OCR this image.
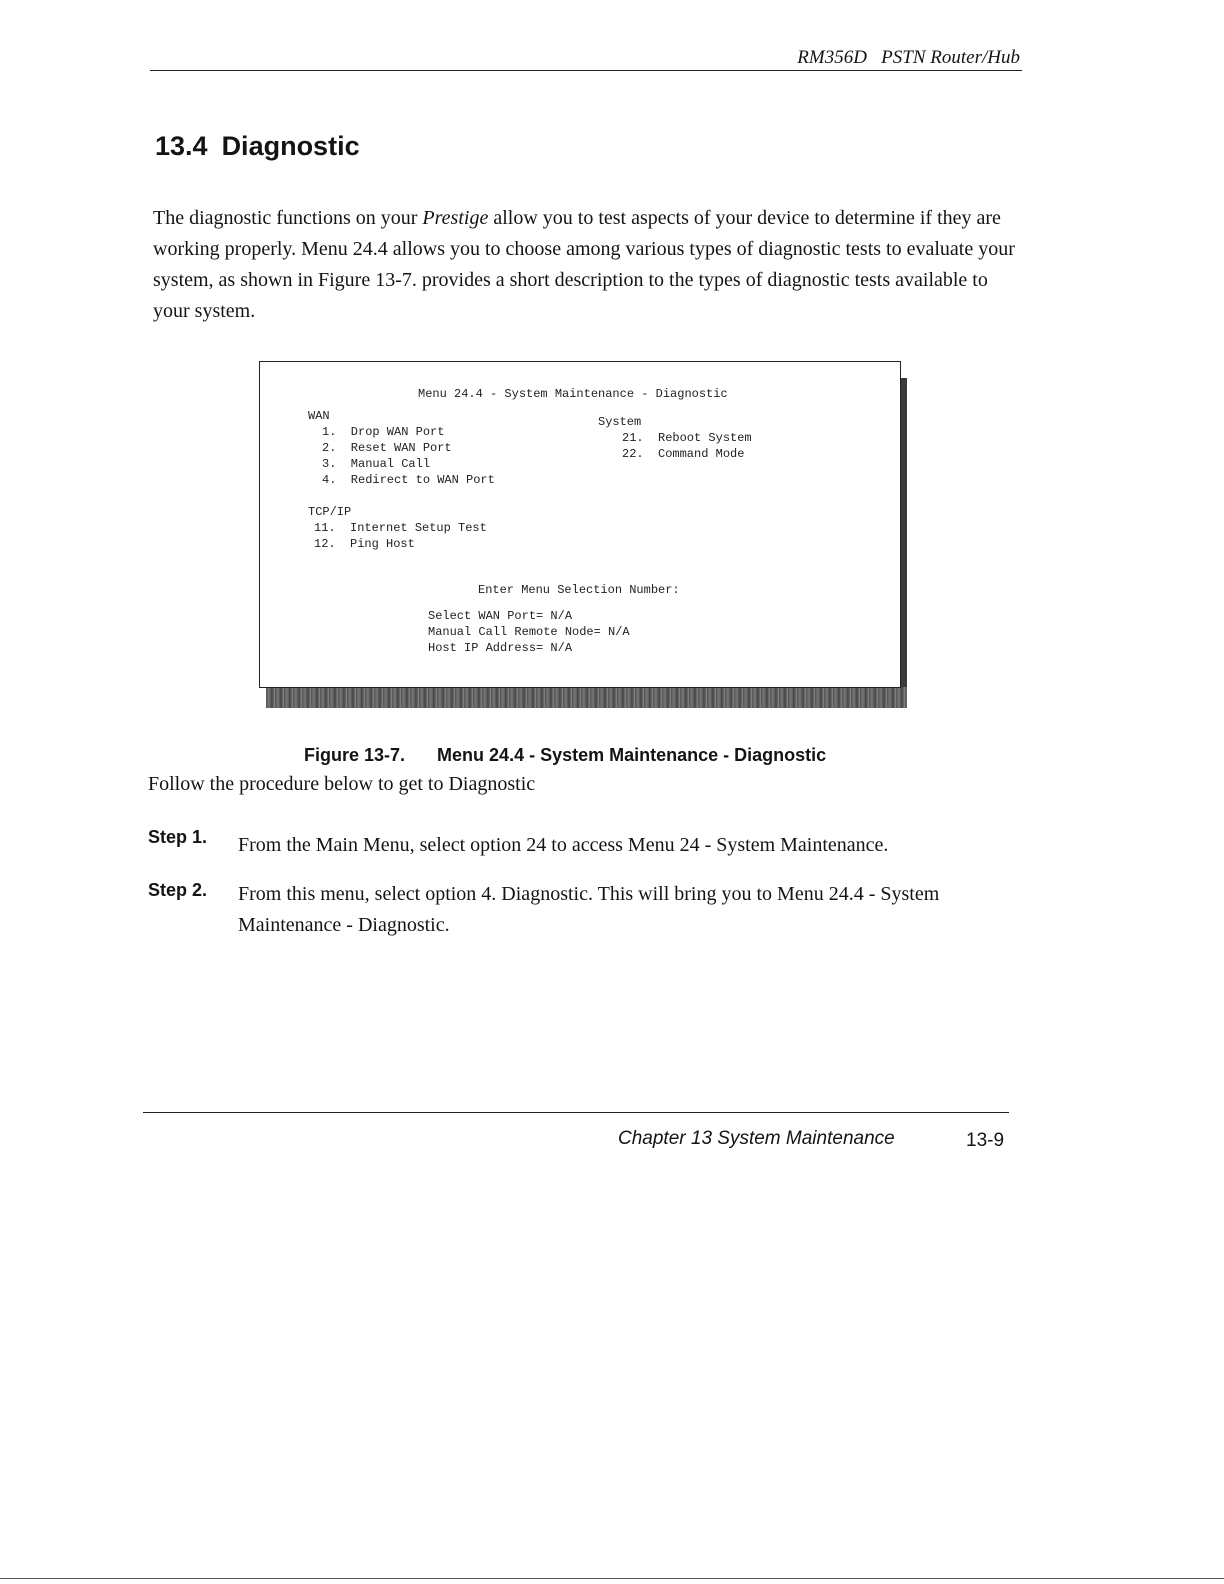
RM356D   PSTN Router/Hub
13.4 Diagnostic
The diagnostic functions on your Prestige allow you to test aspects of your device to determine if they are working properly. Menu 24.4 allows you to choose among various types of diagnostic tests to evaluate your system, as shown in Figure 13-7. provides a short description to the types of diagnostic tests available to your system.
Menu 24.4 - System Maintenance - Diagnostic
WAN
1.  Drop WAN Port
2.  Reset WAN Port
3.  Manual Call
4.  Redirect to WAN Port
TCP/IP
11.  Internet Setup Test
12.  Ping Host
System
21.  Reboot System
22.  Command Mode
Enter Menu Selection Number:
Select WAN Port= N/A
Manual Call Remote Node= N/A
Host IP Address= N/A

Figure 13-7. Menu 24.4 - System Maintenance - Diagnostic

Follow the procedure below to get to Diagnostic
Step 1. From the Main Menu, select option 24 to access Menu 24 - System Maintenance.
Step 2. From this menu, select option 4. Diagnostic. This will bring you to Menu 24.4 - System Maintenance - Diagnostic.
Chapter 13 System Maintenance	13-9
